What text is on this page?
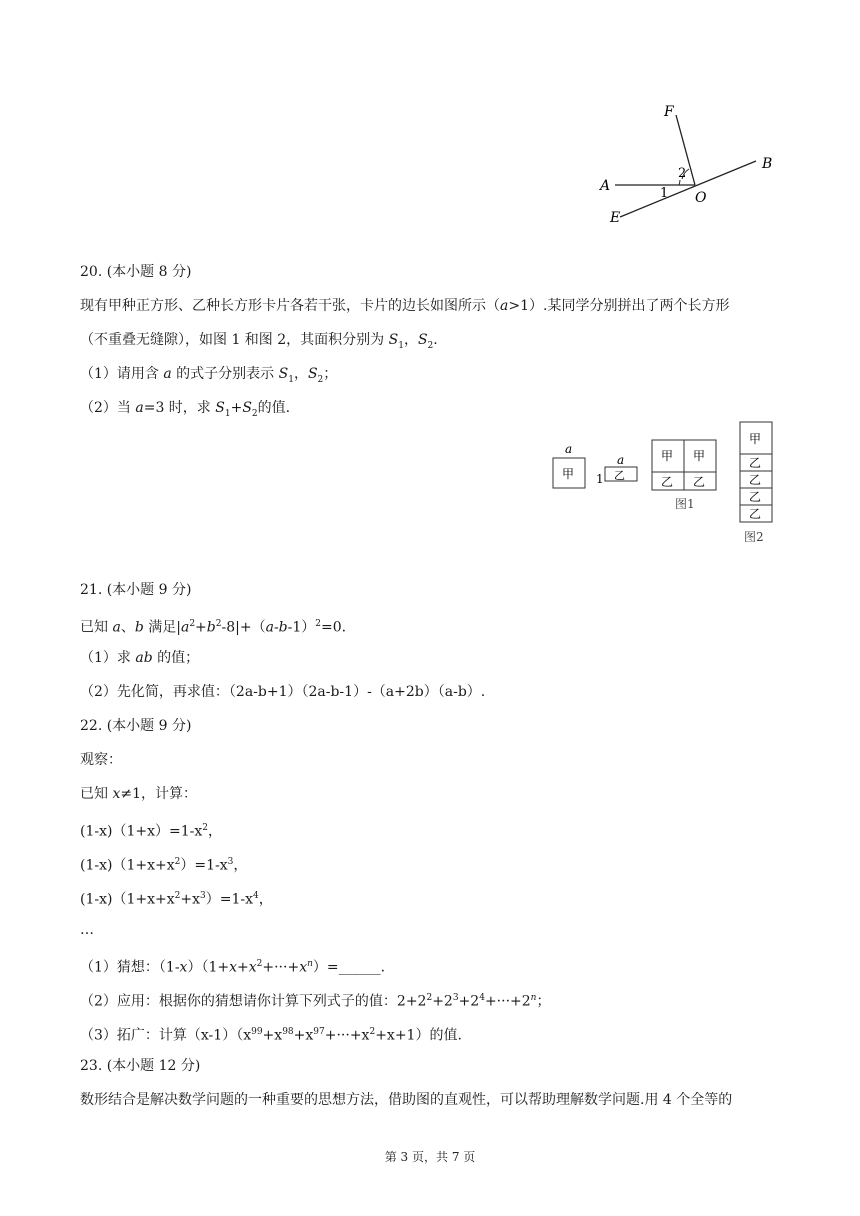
F
B
A
O
E
1
2
20. (本小题 8 分)
现有甲种正方形、乙种长方形卡片各若干张，卡片的边长如图所示（a>1）.某同学分别拼出了两个长方形
（不重叠无缝隙），如图 1 和图 2，其面积分别为 $S_1$，$S_2$.
（1）请用含 a 的式子分别表示 $S_1$，$S_2$；
（2）当 a=3 时，求 $S_1+S_2$的值.
a
甲
a
1 乙
甲 甲
乙 乙
图1
甲
乙
乙
乙
乙
图2
21. (本小题 9 分)
已知 a、b 满足$|a^2+b^2-8|+(a-b-1)^2=0$.
（1）求 ab 的值；
（2）先化简，再求值：（2a-b+1）（2a-b-1）-（a+2b）（a-b）.
22. (本小题 9 分)
观察：
已知 x≠1，计算：
$(1-x)(1+x)=1-x^2$，
$(1-x)(1+x+x^2)=1-x^3$，
$(1-x)(1+x+x^2+x^3)=1-x^4$，
…
（1）猜想：$(1-x)(1+x+x^2+\cdot\cdot\cdot+x^n)=\_\_\_\_\_\_$.
（2）应用：根据你的猜想请你计算下列式子的值：$2+2^2+2^3+2^4+\cdot\cdot\cdot+2^n$；
（3）拓广：计算$(x-1)(x^{99}+x^{98}+x^{97}+\cdot\cdot\cdot+x^2+x+1)$的值.
23. (本小题 12 分)
数形结合是解决数学问题的一种重要的思想方法，借助图的直观性，可以帮助理解数学问题.用 4 个全等的
第 3 页，共 7 页
